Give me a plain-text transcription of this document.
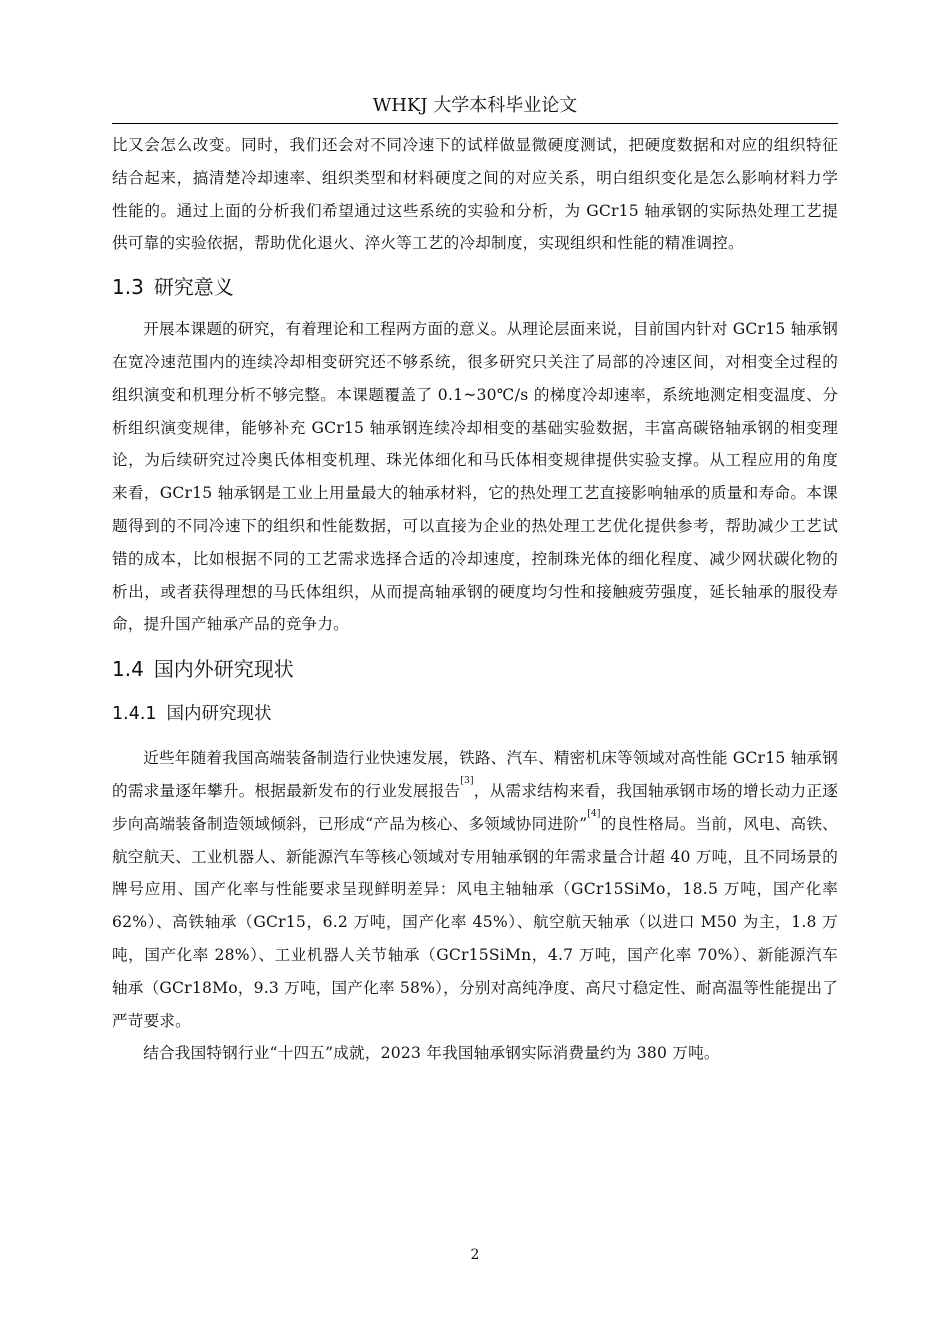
WHKJ 大学本科毕业论文

比又会怎么改变。同时，我们还会对不同冷速下的试样做显微硬度测试，把硬度数据和对应的组织特征结合起来，搞清楚冷却速率、组织类型和材料硬度之间的对应关系，明白组织变化是怎么影响材料力学性能的。通过上面的分析我们希望通过这些系统的实验和分析，为 GCr15 轴承钢的实际热处理工艺提供可靠的实验依据，帮助优化退火、淬火等工艺的冷却制度，实现组织和性能的精准调控。

1.3 研究意义

开展本课题的研究，有着理论和工程两方面的意义。从理论层面来说，目前国内针对 GCr15 轴承钢在宽冷速范围内的连续冷却相变研究还不够系统，很多研究只关注了局部的冷速区间，对相变全过程的组织演变和机理分析不够完整。本课题覆盖了 0.1~30℃/s 的梯度冷却速率，系统地测定相变温度、分析组织演变规律，能够补充 GCr15 轴承钢连续冷却相变的基础实验数据，丰富高碳铬轴承钢的相变理论，为后续研究过冷奥氏体相变机理、珠光体细化和马氏体相变规律提供实验支撑。从工程应用的角度来看，GCr15 轴承钢是工业上用量最大的轴承材料，它的热处理工艺直接影响轴承的质量和寿命。本课题得到的不同冷速下的组织和性能数据，可以直接为企业的热处理工艺优化提供参考，帮助减少工艺试错的成本，比如根据不同的工艺需求选择合适的冷却速度，控制珠光体的细化程度、减少网状碳化物的析出，或者获得理想的马氏体组织，从而提高轴承钢的硬度均匀性和接触疲劳强度，延长轴承的服役寿命，提升国产轴承产品的竞争力。

1.4 国内外研究现状
1.4.1 国内研究现状

近些年随着我国高端装备制造行业快速发展，铁路、汽车、精密机床等领域对高性能 GCr15 轴承钢的需求量逐年攀升。根据最新发布的行业发展报告[3]，从需求结构来看，我国轴承钢市场的增长动力正逐步向高端装备制造领域倾斜，已形成“产品为核心、多领域协同进阶”[4]的良性格局。当前，风电、高铁、航空航天、工业机器人、新能源汽车等核心领域对专用轴承钢的年需求量合计超 40 万吨，且不同场景的牌号应用、国产化率与性能要求呈现鲜明差异：风电主轴轴承（GCr15SiMo，18.5 万吨，国产化率 62%）、高铁轴承（GCr15，6.2 万吨，国产化率 45%）、航空航天轴承（以进口 M50 为主，1.8 万吨，国产化率 28%）、工业机器人关节轴承（GCr15SiMn，4.7 万吨，国产化率 70%）、新能源汽车轴承（GCr18Mo，9.3 万吨，国产化率 58%），分别对高纯净度、高尺寸稳定性、耐高温等性能提出了严苛要求。

结合我国特钢行业“十四五”成就，2023 年我国轴承钢实际消费量约为 380 万吨。

2
